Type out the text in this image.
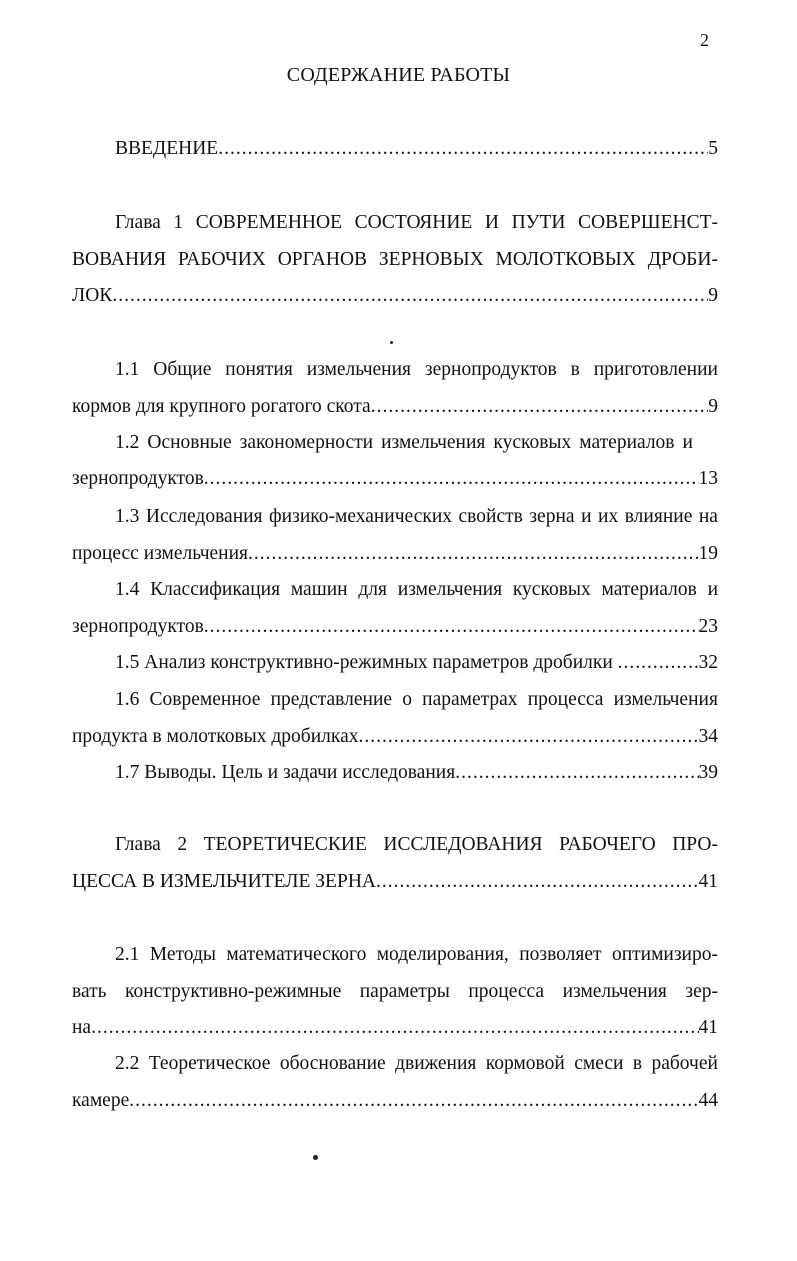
2
СОДЕРЖАНИЕ РАБОТЫ
ВВЕДЕНИЕ .....	5
Глава 1 СОВРЕМЕННОЕ СОСТОЯНИЕ И ПУТИ СОВЕРШЕНСТ-
ВОВАНИЯ РАБОЧИХ ОРГАНОВ ЗЕРНОВЫХ МОЛОТКОВЫХ ДРОБИ-
ЛОК .....	9
1.1 Общие понятия измельчения зернопродуктов в приготовлении
кормов для крупного рогатого скота .....	9
1.2 Основные закономерности измельчения кусковых материалов и
зернопродуктов .....	13
1.3 Исследования физико-механических свойств зерна и их влияние на
процесс измельчения .....	19
1.4 Классификация машин для измельчения кусковых материалов и
зернопродуктов .....	23
1.5 Анализ конструктивно-режимных параметров дробилки .....	32
1.6 Современное представление о параметрах процесса измельчения
продукта в молотковых дробилках .....	34
1.7 Выводы. Цель и задачи исследования .....	39
Глава 2 ТЕОРЕТИЧЕСКИЕ ИССЛЕДОВАНИЯ РАБОЧЕГО ПРО-
ЦЕССА В ИЗМЕЛЬЧИТЕЛЕ ЗЕРНА .....	41
2.1 Методы математического моделирования, позволяет оптимизиро-
вать конструктивно-режимные параметры процесса измельчения зер-
на .....	41
2.2 Теоретическое обоснование движения кормовой смеси в рабочей
камере .....	44
